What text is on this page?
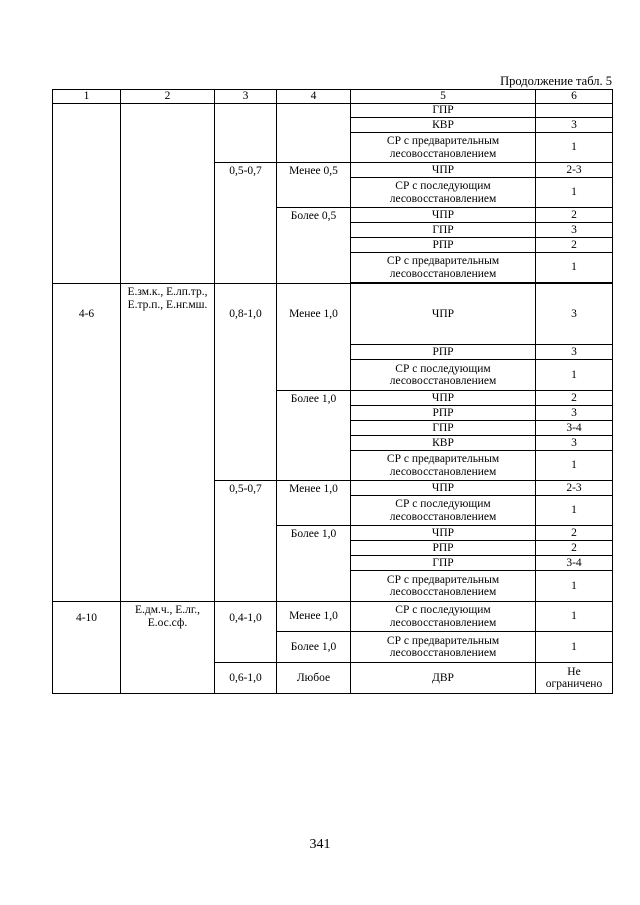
Продолжение табл. 5
1	2	3	4	5	6
				ГПР	
				КВР	3
				СР с предварительным лесовосстановлением	1
		0,5-0,7	Менее 0,5	ЧПР	2-3
				СР с последующим лесовосстановлением	1
			Более 0,5	ЧПР	2
				ГПР	3
				РПР	2
				СР с предварительным лесовосстановлением	1

4-6	Е.зм.к., Е.лп.тр., Е.тр.п., Е.нг.мш.	0,8-1,0	Менее 1,0	ЧПР	3
				РПР	3
				СР с последующим лесовосстановлением	1
			Более 1,0	ЧПР	2
				РПР	3
				ГПР	3-4
				КВР	3
				СР с предварительным лесовосстановлением	1
		0,5-0,7	Менее 1,0	ЧПР	2-3
				СР с последующим лесовосстановлением	1
			Более 1,0	ЧПР	2
				РПР	2
				ГПР	3-4
				СР с предварительным лесовосстановлением	1

4-10	Е.дм.ч., Е.лг., Е.ос.сф.	0,4-1,0	Менее 1,0	СР с последующим лесовосстановлением	1
			Более 1,0	СР с предварительным лесовосстановлением	1
		0,6-1,0	Любое	ДВР	Не ограничено
341
